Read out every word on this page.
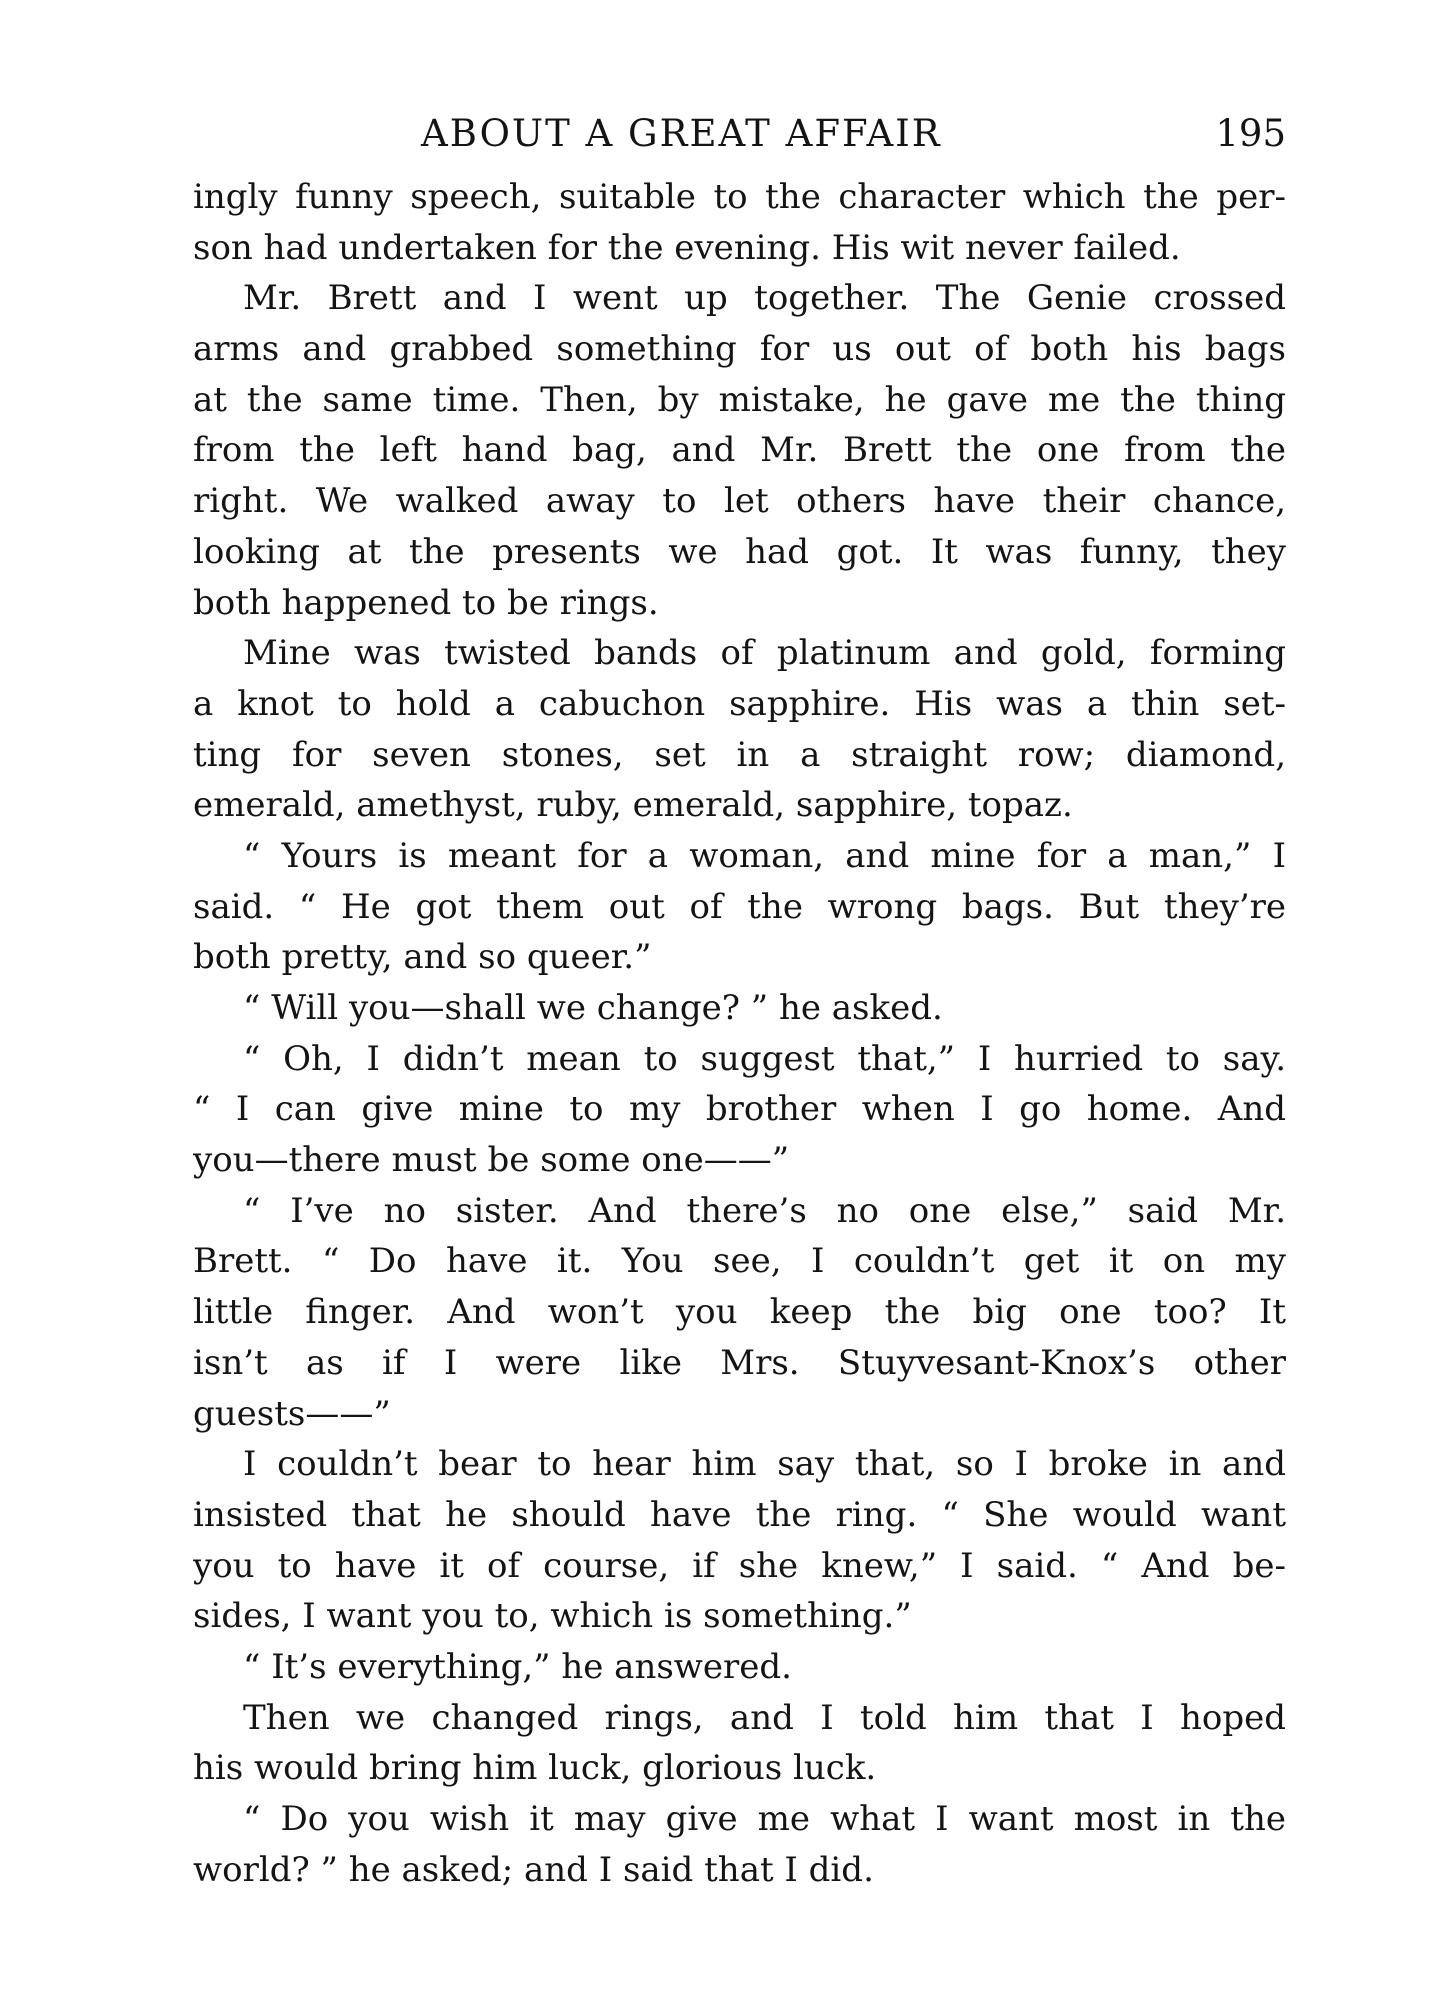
ABOUT A GREAT AFFAIR	195
ingly funny speech, suitable to the character which the per-
son had undertaken for the evening. His wit never failed.
Mr. Brett and I went up together. The Genie crossed
arms and grabbed something for us out of both his bags
at the same time. Then, by mistake, he gave me the thing
from the left hand bag, and Mr. Brett the one from the
right. We walked away to let others have their chance,
looking at the presents we had got. It was funny, they
both happened to be rings.
Mine was twisted bands of platinum and gold, forming
a knot to hold a cabuchon sapphire. His was a thin set-
ting for seven stones, set in a straight row; diamond,
emerald, amethyst, ruby, emerald, sapphire, topaz.
“ Yours is meant for a woman, and mine for a man,” I
said. “ He got them out of the wrong bags. But they’re
both pretty, and so queer.”
“ Will you—shall we change? ” he asked.
“ Oh, I didn’t mean to suggest that,” I hurried to say.
“ I can give mine to my brother when I go home. And
you—there must be some one——”
“ I’ve no sister. And there’s no one else,” said Mr.
Brett. “ Do have it. You see, I couldn’t get it on my
little finger. And won’t you keep the big one too? It
isn’t as if I were like Mrs. Stuyvesant-Knox’s other
guests——”
I couldn’t bear to hear him say that, so I broke in and
insisted that he should have the ring. “ She would want
you to have it of course, if she knew,” I said. “ And be-
sides, I want you to, which is something.”
“ It’s everything,” he answered.
Then we changed rings, and I told him that I hoped
his would bring him luck, glorious luck.
“ Do you wish it may give me what I want most in the
world? ” he asked; and I said that I did.
